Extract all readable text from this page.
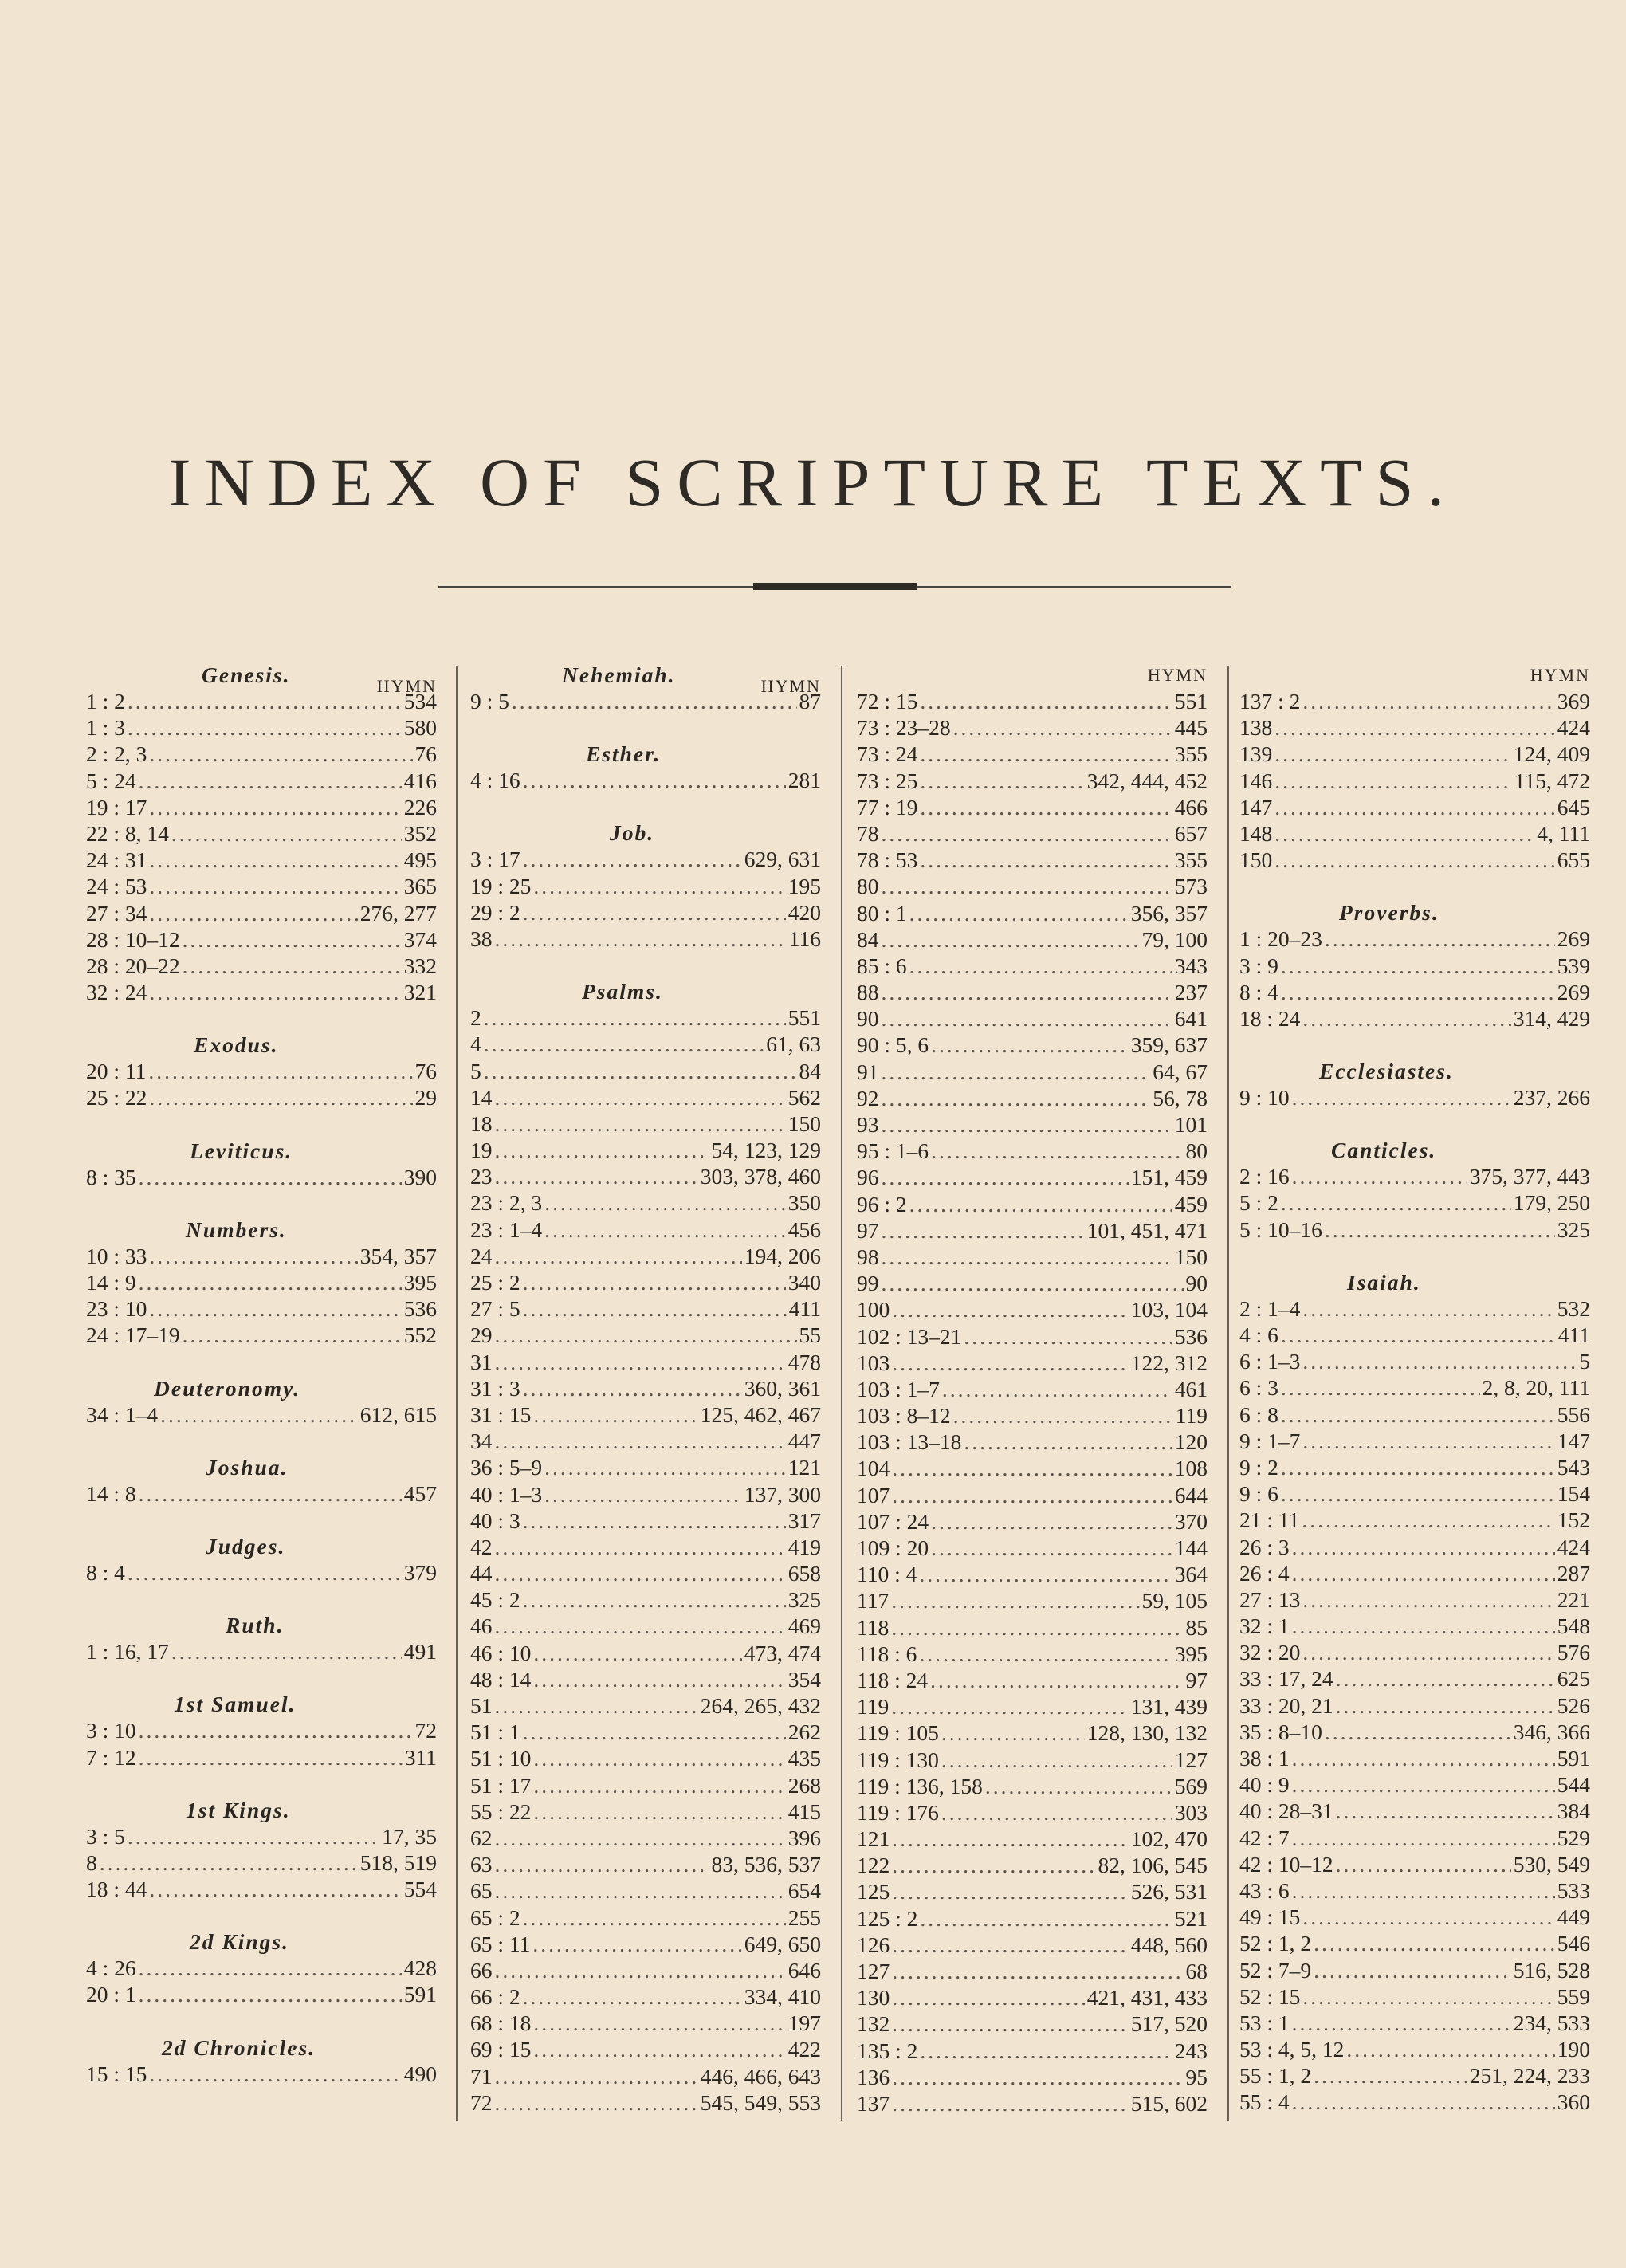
INDEX OF SCRIPTURE TEXTS.
Genesis.	HYMN
1 : 2 .....	534
1 : 3 .....	580
2 : 2, 3 .....	76
5 : 24 .....	416
19 : 17 .....	226
22 : 8, 14 .....	352
24 : 31 .....	495
24 : 53 .....	365
27 : 34 .....	276, 277
28 : 10–12 .....	374
28 : 20–22 .....	332
32 : 24 .....	321
Exodus.
20 : 11 .....	76
25 : 22 .....	29
Leviticus.
8 : 35 .....	390
Numbers.
10 : 33 .....	354, 357
14 : 9 .....	395
23 : 10 .....	536
24 : 17–19 .....	552
Deuteronomy.
34 : 1–4 .....	612, 615
Joshua.
14 : 8 .....	457
Judges.
8 : 4 .....	379
Ruth.
1 : 16, 17 .....	491
1st Samuel.
3 : 10 .....	72
7 : 12 .....	311
1st Kings.
3 : 5 .....	17, 35
8 .....	518, 519
18 : 44 .....	554
2d Kings.
4 : 26 .....	428
20 : 1 .....	591
2d Chronicles.
15 : 15 .....	490
Nehemiah.	HYMN
9 : 5 .....	87
Esther.
4 : 16 .....	281
Job.
3 : 17 .....	629, 631
19 : 25 .....	195
29 : 2 .....	420
38 .....	116
Psalms.
2 .....	551
4 .....	61, 63
5 .....	84
14 .....	562
18 .....	150
19 .....	54, 123, 129
23 .....	303, 378, 460
23 : 2, 3 .....	350
23 : 1–4 .....	456
24 .....	194, 206
25 : 2 .....	340
27 : 5 .....	411
29 .....	55
31 .....	478
31 : 3 .....	360, 361
31 : 15 .....	125, 462, 467
34 .....	447
36 : 5–9 .....	121
40 : 1–3 .....	137, 300
40 : 3 .....	317
42 .....	419
44 .....	658
45 : 2 .....	325
46 .....	469
46 : 10 .....	473, 474
48 : 14 .....	354
51 .....	264, 265, 432
51 : 1 .....	262
51 : 10 .....	435
51 : 17 .....	268
55 : 22 .....	415
62 .....	396
63 .....	83, 536, 537
65 .....	654
65 : 2 .....	255
65 : 11 .....	649, 650
66 .....	646
66 : 2 .....	334, 410
68 : 18 .....	197
69 : 15 .....	422
71 .....	446, 466, 643
72 .....	545, 549, 553
HYMN
72 : 15 .....	551
73 : 23–28 .....	445
73 : 24 .....	355
73 : 25 .....	342, 444, 452
77 : 19 .....	466
78 .....	657
78 : 53 .....	355
80 .....	573
80 : 1 .....	356, 357
84 .....	79, 100
85 : 6 .....	343
88 .....	237
90 .....	641
90 : 5, 6 .....	359, 637
91 .....	64, 67
92 .....	56, 78
93 .....	101
95 : 1–6 .....	80
96 .....	151, 459
96 : 2 .....	459
97 .....	101, 451, 471
98 .....	150
99 .....	90
100 .....	103, 104
102 : 13–21 .....	536
103 .....	122, 312
103 : 1–7 .....	461
103 : 8–12 .....	119
103 : 13–18 .....	120
104 .....	108
107 .....	644
107 : 24 .....	370
109 : 20 .....	144
110 : 4 .....	364
117 .....	59, 105
118 .....	85
118 : 6 .....	395
118 : 24 .....	97
119 .....	131, 439
119 : 105 .....	128, 130, 132
119 : 130 .....	127
119 : 136, 158 .....	569
119 : 176 .....	303
121 .....	102, 470
122 .....	82, 106, 545
125 .....	526, 531
125 : 2 .....	521
126 .....	448, 560
127 .....	68
130 .....	421, 431, 433
132 .....	517, 520
135 : 2 .....	243
136 .....	95
137 .....	515, 602
HYMN
137 : 2 .....	369
138 .....	424
139 .....	124, 409
146 .....	115, 472
147 .....	645
148 .....	4, 111
150 .....	655
Proverbs.
1 : 20–23 .....	269
3 : 9 .....	539
8 : 4 .....	269
18 : 24 .....	314, 429
Ecclesiastes.
9 : 10 .....	237, 266
Canticles.
2 : 16 .....	375, 377, 443
5 : 2 .....	179, 250
5 : 10–16 .....	325
Isaiah.
2 : 1–4 .....	532
4 : 6 .....	411
6 : 1–3 .....	5
6 : 3 .....	2, 8, 20, 111
6 : 8 .....	556
9 : 1–7 .....	147
9 : 2 .....	543
9 : 6 .....	154
21 : 11 .....	152
26 : 3 .....	424
26 : 4 .....	287
27 : 13 .....	221
32 : 1 .....	548
32 : 20 .....	576
33 : 17, 24 .....	625
33 : 20, 21 .....	526
35 : 8–10 .....	346, 366
38 : 1 .....	591
40 : 9 .....	544
40 : 28–31 .....	384
42 : 7 .....	529
42 : 10–12 .....	530, 549
43 : 6 .....	533
49 : 15 .....	449
52 : 1, 2 .....	546
52 : 7–9 .....	516, 528
52 : 15 .....	559
53 : 1 .....	234, 533
53 : 4, 5, 12 .....	190
55 : 1, 2 .....	251, 224, 233
55 : 4 .....	360
